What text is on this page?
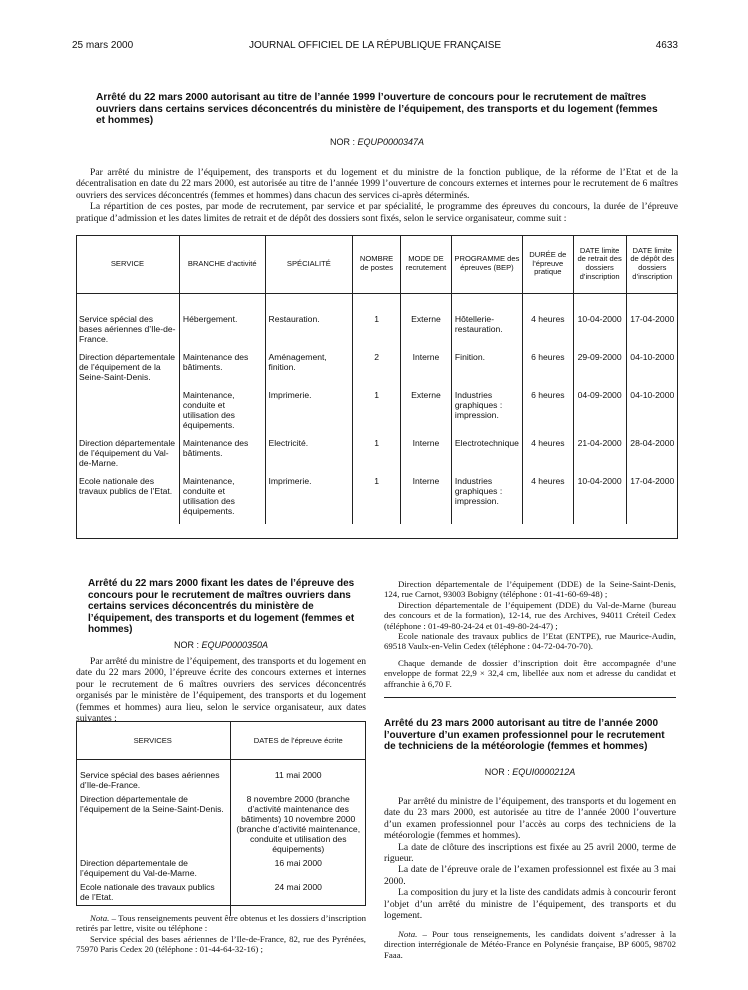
25 mars 2000	JOURNAL OFFICIEL DE LA RÉPUBLIQUE FRANÇAISE	4633
Arrêté du 22 mars 2000 autorisant au titre de l’année 1999 l’ouverture de concours pour le recrutement de maîtres ouvriers dans certains services déconcentrés du ministère de l’équipement, des transports et du logement (femmes et hommes)
NOR : EQUP0000347A

Par arrêté du ministre de l’équipement, des transports et du logement et du ministre de la fonction publique, de la réforme de l’Etat et de la décentralisation en date du 22 mars 2000, est autorisée au titre de l’année 1999 l’ouverture de concours externes et internes pour le recrutement de 6 maîtres ouvriers des services déconcentrés (femmes et hommes) dans chacun des services ci-après déterminés.

La répartition de ces postes, par mode de recrutement, par service et par spécialité, le programme des épreuves du concours, la durée de l’épreuve pratique d’admission et les dates limites de retrait et de dépôt des dossiers sont fixés, selon le service organisateur, comme suit :

SERVICE	BRANCHE d’activité	SPÉCIALITÉ	NOMBRE de postes	MODE DE recrutement	PROGRAMME des épreuves (BEP)	DURÉE de l’épreuve pratique	DATE limite de retrait des dossiers d’inscription	DATE limite de dépôt des dossiers d’inscription
Service spécial des bases aériennes d’Ile-de-France.	Hébergement.	Restauration.	1	Externe	Hôtellerie-restauration.	4 heures	10-04-2000	17-04-2000
Direction départementale de l’équipement de la Seine-Saint-Denis.	Maintenance des bâtiments.	Aménagement, finition.	2	Interne	Finition.	6 heures	29-09-2000	04-10-2000
	Maintenance, conduite et utilisation des équipements.	Imprimerie.	1	Externe	Industries graphiques : impression.	6 heures	04-09-2000	04-10-2000
Direction départementale de l’équipement du Val-de-Marne.	Maintenance des bâtiments.	Electricité.	1	Interne	Electrotechnique	4 heures	21-04-2000	28-04-2000
Ecole nationale des travaux publics de l’Etat.	Maintenance, conduite et utilisation des équipements.	Imprimerie.	1	Interne	Industries graphiques : impression.	4 heures	10-04-2000	17-04-2000
Arrêté du 22 mars 2000 fixant les dates de l’épreuve des concours pour le recrutement de maîtres ouvriers dans certains services déconcentrés du ministère de l’équipement, des transports et du logement (femmes et hommes)
NOR : EQUP0000350A

Par arrêté du ministre de l’équipement, des transports et du logement en date du 22 mars 2000, l’épreuve écrite des concours externes et internes pour le recrutement de 6 maîtres ouvriers des services déconcentrés organisés par le ministère de l’équipement, des transports et du logement (femmes et hommes) aura lieu, selon le service organisateur, aux dates suivantes :

SERVICES	DATES de l’épreuve écrite
Service spécial des bases aériennes d’Ile-de-France.	11 mai 2000
Direction départementale de l’équipement de la Seine-Saint-Denis.	8 novembre 2000 (branche d’activité maintenance des bâtiments) 10 novembre 2000 (branche d’activité maintenance, conduite et utilisation des équipements)
Direction départementale de l’équipement du Val-de-Marne.	16 mai 2000
Ecole nationale des travaux publics de l’Etat.	24 mai 2000

Nota. – Tous renseignements peuvent être obtenus et les dossiers d’inscription retirés par lettre, visite ou téléphone :

Service spécial des bases aériennes de l’Ile-de-France, 82, rue des Pyrénées, 75970 Paris Cedex 20 (téléphone : 01-44-64-32-16) ;

Direction départementale de l’équipement (DDE) de la Seine-Saint-Denis, 124, rue Carnot, 93003 Bobigny (téléphone : 01-41-60-69-48) ;

Direction départementale de l’équipement (DDE) du Val-de-Marne (bureau des concours et de la formation), 12-14, rue des Archives, 94011 Créteil Cedex (téléphone : 01-49-80-24-24 et 01-49-80-24-47) ;

Ecole nationale des travaux publics de l’Etat (ENTPE), rue Maurice-Audin, 69518 Vaulx-en-Velin Cedex (téléphone : 04-72-04-70-70).

Chaque demande de dossier d’inscription doit être accompagnée d’une enveloppe de format 22,9 × 32,4 cm, libellée aux nom et adresse du candidat et affranchie à 6,70 F.

Arrêté du 23 mars 2000 autorisant au titre de l’année 2000 l’ouverture d’un examen professionnel pour le recrutement de techniciens de la météorologie (femmes et hommes)
NOR : EQUI0000212A

Par arrêté du ministre de l’équipement, des transports et du logement en date du 23 mars 2000, est autorisée au titre de l’année 2000 l’ouverture d’un examen professionnel pour l’accès au corps des techniciens de la météorologie (femmes et hommes).

La date de clôture des inscriptions est fixée au 25 avril 2000, terme de rigueur.

La date de l’épreuve orale de l’examen professionnel est fixée au 3 mai 2000.

La composition du jury et la liste des candidats admis à concourir feront l’objet d’un arrêté du ministre de l’équipement, des transports et du logement.

Nota. – Pour tous renseignements, les candidats doivent s’adresser à la direction interrégionale de Météo-France en Polynésie française, BP 6005, 98702 Faaa.
